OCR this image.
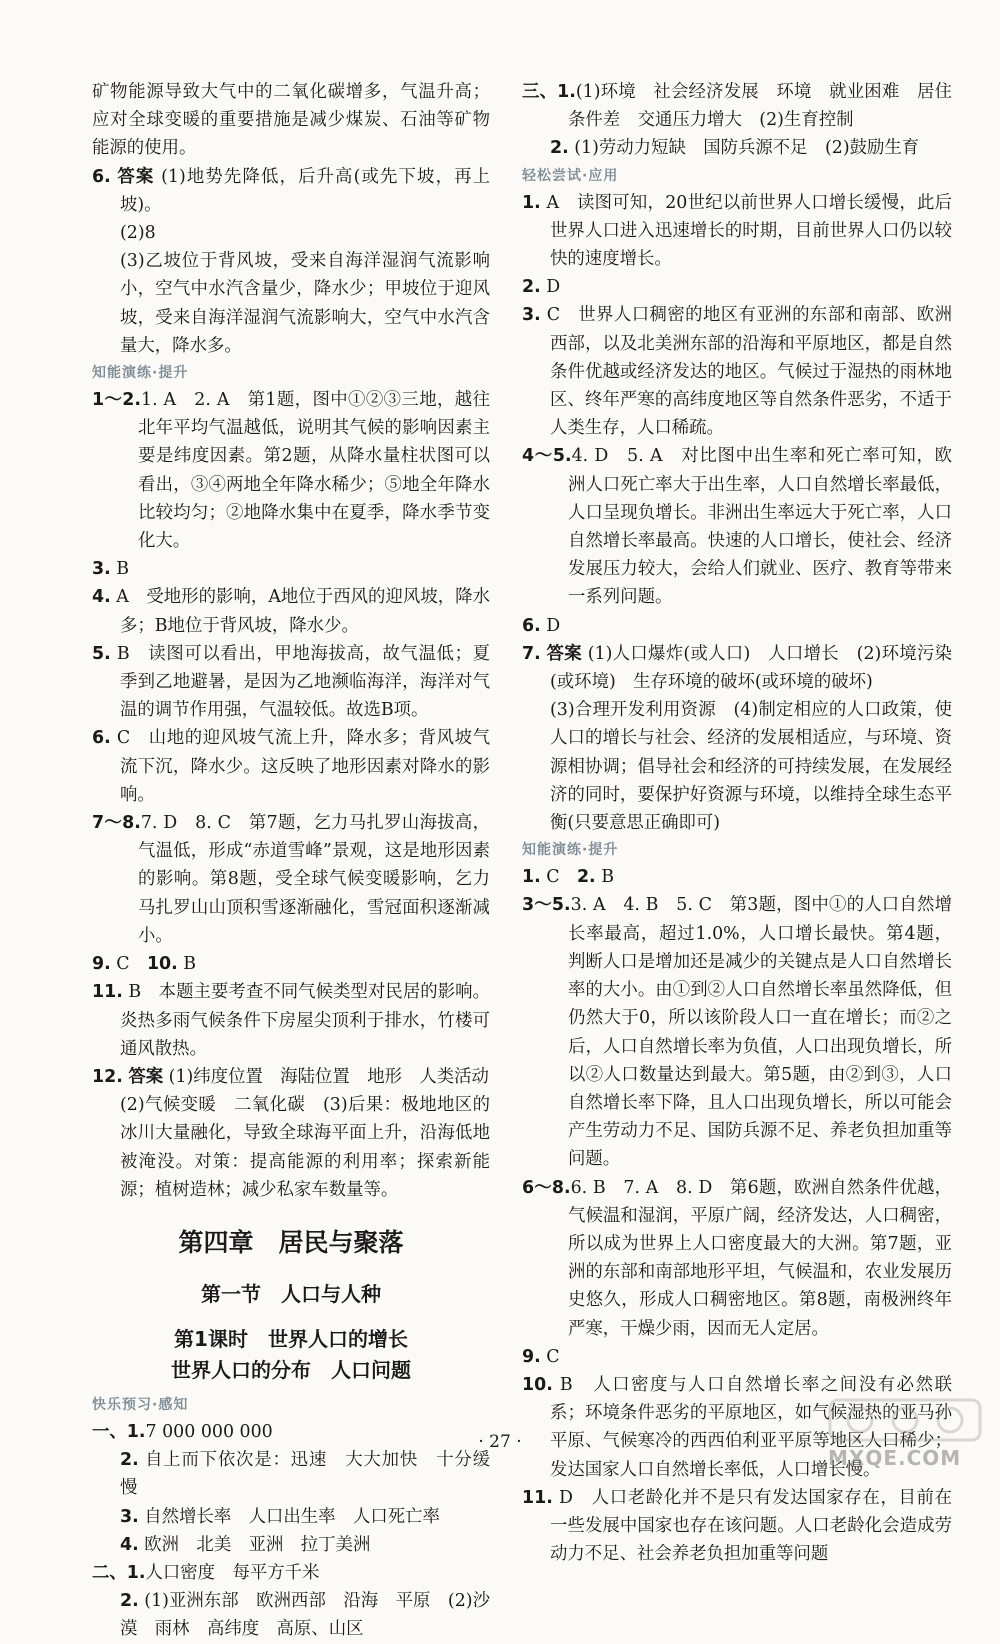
矿物能源导致大气中的二氧化碳增多，气温升高；应对全球变暖的重要措施是减少煤炭、石油等矿物能源的使用。

6. 答案 (1)地势先降低，后升高(或先下坡，再上坡)。

(2)8

(3)乙坡位于背风坡，受来自海洋湿润气流影响小，空气中水汽含量少，降水少；甲坡位于迎风坡，受来自海洋湿润气流影响大，空气中水汽含量大，降水多。

知能演练·提升

1～2.1. A　2. A　第1题，图中①②③三地，越往北年平均气温越低，说明其气候的影响因素主要是纬度因素。第2题，从降水量柱状图可以看出，③④两地全年降水稀少；⑤地全年降水比较均匀；②地降水集中在夏季，降水季节变化大。

3. B

4. A　受地形的影响，A地位于西风的迎风坡，降水多；B地位于背风坡，降水少。

5. B　读图可以看出，甲地海拔高，故气温低；夏季到乙地避暑，是因为乙地濒临海洋，海洋对气温的调节作用强，气温较低。故选B项。

6. C　山地的迎风坡气流上升，降水多；背风坡气流下沉，降水少。这反映了地形因素对降水的影响。

7～8.7. D　8. C　第7题，乞力马扎罗山海拔高，气温低，形成“赤道雪峰”景观，这是地形因素的影响。第8题，受全球气候变暖影响，乞力马扎罗山山顶积雪逐渐融化，雪冠面积逐渐减小。

9. C　10. B

11. B　本题主要考查不同气候类型对民居的影响。炎热多雨气候条件下房屋尖顶利于排水，竹楼可通风散热。

12. 答案 (1)纬度位置　海陆位置　地形　人类活动

(2)气候变暖　二氧化碳　(3)后果：极地地区的冰川大量融化，导致全球海平面上升，沿海低地被淹没。对策：提高能源的利用率；探索新能源；植树造林；减少私家车数量等。

第四章　居民与聚落
第一节　人口与人种
第1课时　世界人口的增长
世界人口的分布　人口问题
快乐预习·感知

一、1.7 000 000 000

2. 自上而下依次是：迅速　大大加快　十分缓慢

3. 自然增长率　人口出生率　人口死亡率

4. 欧洲　北美　亚洲　拉丁美洲

二、1.人口密度　每平方千米

2. (1)亚洲东部　欧洲西部　沿海　平原　(2)沙漠　雨林　高纬度　高原、山区

三、1.(1)环境　社会经济发展　环境　就业困难　居住条件差　交通压力增大　(2)生育控制

2. (1)劳动力短缺　国防兵源不足　(2)鼓励生育

轻松尝试·应用

1. A　读图可知，20世纪以前世界人口增长缓慢，此后世界人口进入迅速增长的时期，目前世界人口仍以较快的速度增长。

2. D

3. C　世界人口稠密的地区有亚洲的东部和南部、欧洲西部，以及北美洲东部的沿海和平原地区，都是自然条件优越或经济发达的地区。气候过于湿热的雨林地区、终年严寒的高纬度地区等自然条件恶劣，不适于人类生存，人口稀疏。

4～5.4. D　5. A　对比图中出生率和死亡率可知，欧洲人口死亡率大于出生率，人口自然增长率最低，人口呈现负增长。非洲出生率远大于死亡率，人口自然增长率最高。快速的人口增长，使社会、经济发展压力较大，会给人们就业、医疗、教育等带来一系列问题。

6. D

7. 答案 (1)人口爆炸(或人口)　人口增长　(2)环境污染(或环境)　生存环境的破坏(或环境的破坏)

(3)合理开发利用资源　(4)制定相应的人口政策，使人口的增长与社会、经济的发展相适应，与环境、资源相协调；倡导社会和经济的可持续发展，在发展经济的同时，要保护好资源与环境，以维持全球生态平衡(只要意思正确即可)

知能演练·提升

1. C　2. B

3～5.3. A　4. B　5. C　第3题，图中①的人口自然增长率最高，超过1.0%，人口增长最快。第4题，判断人口是增加还是减少的关键点是人口自然增长率的大小。由①到②人口自然增长率虽然降低，但仍然大于0，所以该阶段人口一直在增长；而②之后，人口自然增长率为负值，人口出现负增长，所以②人口数量达到最大。第5题，由②到③，人口自然增长率下降，且人口出现负增长，所以可能会产生劳动力不足、国防兵源不足、养老负担加重等问题。

6～8.6. B　7. A　8. D　第6题，欧洲自然条件优越，气候温和湿润，平原广阔，经济发达，人口稠密，所以成为世界上人口密度最大的大洲。第7题，亚洲的东部和南部地形平坦，气候温和，农业发展历史悠久，形成人口稠密地区。第8题，南极洲终年严寒，干燥少雨，因而无人定居。

9. C

10. B　人口密度与人口自然增长率之间没有必然联系；环境条件恶劣的平原地区，如气候湿热的亚马孙平原、气候寒冷的西西伯利亚平原等地区人口稀少；发达国家人口自然增长率低，人口增长慢。

11. D　人口老龄化并不是只有发达国家存在，目前在一些发展中国家也存在该问题。人口老龄化会造成劳动力不足、社会养老负担加重等问题

· 27 ·
MXQE.COM
